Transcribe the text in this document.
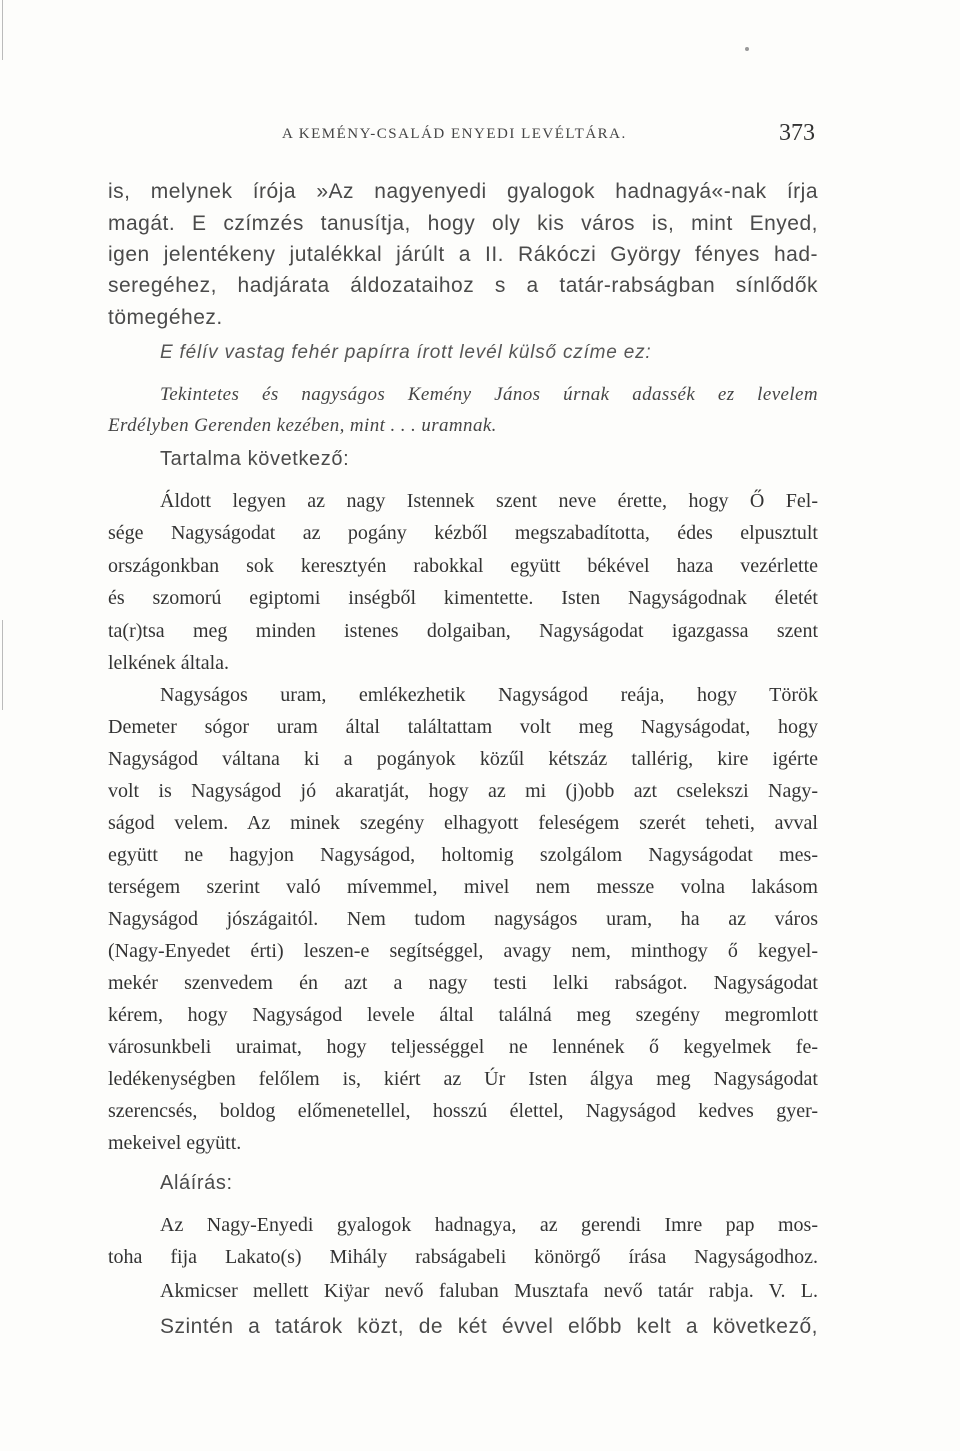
A KEMÉNY-CSALÁD ENYEDI LEVÉLTÁRA.	373

is, melynek írója »Az nagyenyedi gyalogok hadnagyá«-nak írja

magát. E czímzés tanusítja, hogy oly kis város is, mint Enyed,

igen jelentékeny jutalékkal járúlt a II. Rákóczi György fényes had-

seregéhez, hadjárata áldozataihoz s a tatár-rabságban sínlődők

tömegéhez.

E félív vastag fehér papírra írott levél külső czíme ez:

Tekintetes és nagyságos Kemény János úrnak adassék ez levelem

Erdélyben Gerenden kezében, mint . . . uramnak.

Tartalma következő:

Áldott legyen az nagy Istennek szent neve érette, hogy Ő Fel-

sége Nagyságodat az pogány kézből megszabadította, édes elpusztult

országonkban sok keresztyén rabokkal együtt békével haza vezérlette

és szomorú egiptomi inségből kimentette. Isten Nagyságodnak életét

ta(r)tsa meg minden istenes dolgaiban, Nagyságodat igazgassa szent

lelkének általa.

Nagyságos uram, emlékezhetik Nagyságod reája, hogy Török

Demeter sógor uram által találtattam volt meg Nagyságodat, hogy

Nagyságod váltana ki a pogányok közűl kétszáz tallérig, kire igérte

volt is Nagyságod jó akaratját, hogy az mi (j)obb azt cselekszi Nagy-

ságod velem. Az minek szegény elhagyott feleségem szerét teheti, avval

együtt ne hagyjon Nagyságod, holtomig szolgálom Nagyságodat mes-

terségem szerint való mívemmel, mivel nem messze volna lakásom

Nagyságod jószágaitól. Nem tudom nagyságos uram, ha az város

(Nagy-Enyedet érti) leszen-e segítséggel, avagy nem, minthogy ő kegyel-

mekér szenvedem én azt a nagy testi lelki rabságot. Nagyságodat

kérem, hogy Nagyságod levele által találná meg szegény megromlott

városunkbeli uraimat, hogy teljességgel ne lennének ő kegyelmek fe-

ledékenységben felőlem is, kiért az Úr Isten álgya meg Nagyságodat

szerencsés, boldog előmenetellel, hosszú élettel, Nagyságod kedves gyer-

mekeivel együtt.

Aláírás:

Az Nagy-Enyedi gyalogok hadnagya, az gerendi Imre pap mos-

toha fija Lakato(s) Mihály rabságabeli könörgő írása Nagyságodhoz.

Akmicser mellett Kiÿar nevő faluban Musztafa nevő tatár rabja. V. L.

Szintén a tatárok közt, de két évvel előbb kelt a következő,
